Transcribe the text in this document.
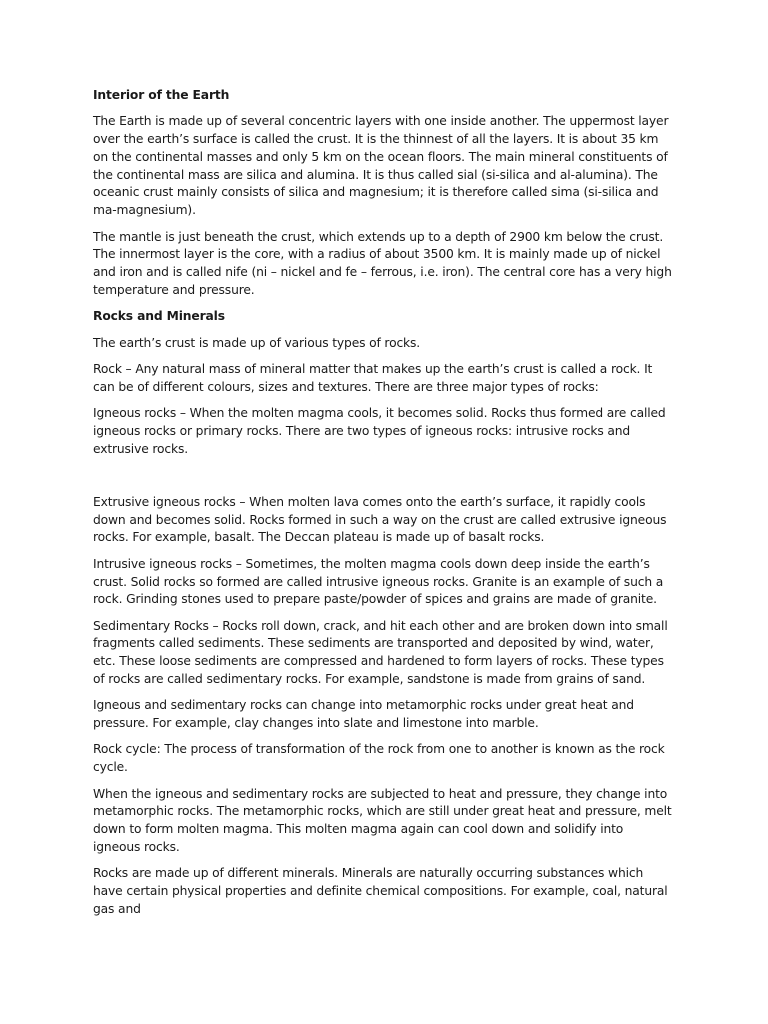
Interior of the Earth

The Earth is made up of several concentric layers with one inside another. The uppermost layer over the earth’s surface is called the crust. It is the thinnest of all the layers. It is about 35 km on the continental masses and only 5 km on the ocean floors. The main mineral constituents of the continental mass are silica and alumina. It is thus called sial (si-silica and al-alumina). The oceanic crust mainly consists of silica and magnesium; it is therefore called sima (si-silica and ma-magnesium).

The mantle is just beneath the crust, which extends up to a depth of 2900 km below the crust. The innermost layer is the core, with a radius of about 3500 km. It is mainly made up of nickel and iron and is called nife (ni – nickel and fe – ferrous, i.e. iron). The central core has a very high temperature and pressure.

Rocks and Minerals

The earth’s crust is made up of various types of rocks.

Rock – Any natural mass of mineral matter that makes up the earth’s crust is called a rock. It can be of different colours, sizes and textures. There are three major types of rocks:

Igneous rocks – When the molten magma cools, it becomes solid. Rocks thus formed are called igneous rocks or primary rocks. There are two types of igneous rocks: intrusive rocks and extrusive rocks.

Extrusive igneous rocks – When molten lava comes onto the earth’s surface, it rapidly cools down and becomes solid. Rocks formed in such a way on the crust are called extrusive igneous rocks. For example, basalt. The Deccan plateau is made up of basalt rocks.

Intrusive igneous rocks – Sometimes, the molten magma cools down deep inside the earth’s crust. Solid rocks so formed are called intrusive igneous rocks. Granite is an example of such a rock. Grinding stones used to prepare paste/powder of spices and grains are made of granite.

Sedimentary Rocks – Rocks roll down, crack, and hit each other and are broken down into small fragments called sediments. These sediments are transported and deposited by wind, water, etc. These loose sediments are compressed and hardened to form layers of rocks. These types of rocks are called sedimentary rocks. For example, sandstone is made from grains of sand.

Igneous and sedimentary rocks can change into metamorphic rocks under great heat and pressure. For example, clay changes into slate and limestone into marble.

Rock cycle: The process of transformation of the rock from one to another is known as the rock cycle.

When the igneous and sedimentary rocks are subjected to heat and pressure, they change into metamorphic rocks. The metamorphic rocks, which are still under great heat and pressure, melt down to form molten magma. This molten magma again can cool down and solidify into igneous rocks.

Rocks are made up of different minerals. Minerals are naturally occurring substances which have certain physical properties and definite chemical compositions. For example, coal, natural gas and
